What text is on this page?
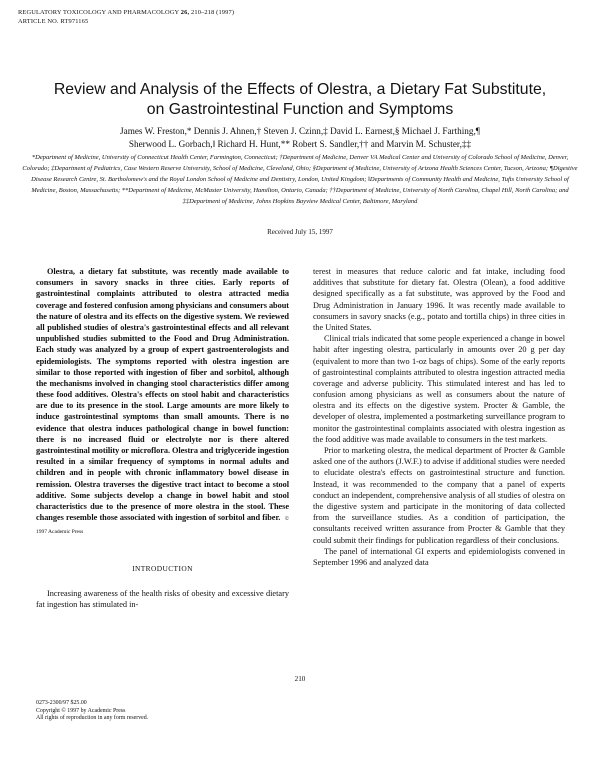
REGULATORY TOXICOLOGY AND PHARMACOLOGY 26, 210–218 (1997)
ARTICLE NO. RT971165
Review and Analysis of the Effects of Olestra, a Dietary Fat Substitute,
on Gastrointestinal Function and Symptoms
James W. Freston,* Dennis J. Ahnen,† Steven J. Czinn,‡ David L. Earnest,§ Michael J. Farthing,¶
Sherwood L. Gorbach,‖ Richard H. Hunt,** Robert S. Sandler,†† and Marvin M. Schuster,‡‡
*Department of Medicine, University of Connecticut Health Center, Farmington, Connecticut; †Department of Medicine, Denver VA Medical Center and University of Colorado School of Medicine, Denver, Colorado; ‡Department of Pediatrics, Case Western Reserve University, School of Medicine, Cleveland, Ohio; §Department of Medicine, University of Arizona Health Sciences Center, Tucson, Arizona; ¶Digestive Disease Research Centre, St. Bartholomew's and the Royal London School of Medicine and Dentistry, London, United Kingdom; ‖Departments of Community Health and Medicine, Tufts University School of Medicine, Boston, Massachusetts; **Department of Medicine, McMaster University, Hamilton, Ontario, Canada; ††Department of Medicine, University of North Carolina, Chapel Hill, North Carolina; and ‡‡Department of Medicine, Johns Hopkins Bayview Medical Center, Baltimore, Maryland
Received July 15, 1997

Olestra, a dietary fat substitute, was recently made available to consumers in savory snacks in three cities. Early reports of gastrointestinal complaints attributed to olestra attracted media coverage and fostered confusion among physicians and consumers about the nature of olestra and its effects on the digestive system. We reviewed all published studies of olestra's gastrointestinal effects and all relevant unpublished studies submitted to the Food and Drug Administration. Each study was analyzed by a group of expert gastroenterologists and epidemiologists. The symptoms reported with olestra ingestion are similar to those reported with ingestion of fiber and sorbitol, although the mechanisms involved in changing stool characteristics differ among these food additives. Olestra's effects on stool habit and characteristics are due to its presence in the stool. Large amounts are more likely to induce gastrointestinal symptoms than small amounts. There is no evidence that olestra induces pathological change in bowel function: there is no increased fluid or electrolyte nor is there altered gastrointestinal motility or microflora. Olestra and triglyceride ingestion resulted in a similar frequency of symptoms in normal adults and children and in people with chronic inflammatory bowel disease in remission. Olestra traverses the digestive tract intact to become a stool additive. Some subjects develop a change in bowel habit and stool characteristics due to the presence of more olestra in the stool. These changes resemble those associated with ingestion of sorbitol and fiber. © 1997 Academic Press

INTRODUCTION

Increasing awareness of the health risks of obesity and excessive dietary fat ingestion has stimulated in-

terest in measures that reduce caloric and fat intake, including food additives that substitute for dietary fat. Olestra (Olean), a food additive designed specifically as a fat substitute, was approved by the Food and Drug Administration in January 1996. It was recently made available to consumers in savory snacks (e.g., potato and tortilla chips) in three cities in the United States.

Clinical trials indicated that some people experienced a change in bowel habit after ingesting olestra, particularly in amounts over 20 g per day (equivalent to more than two 1-oz bags of chips). Some of the early reports of gastrointestinal complaints attributed to olestra ingestion attracted media coverage and adverse publicity. This stimulated interest and has led to confusion among physicians as well as consumers about the nature of olestra and its effects on the digestive system. Procter & Gamble, the developer of olestra, implemented a postmarketing surveillance program to monitor the gastrointestinal complaints associated with olestra ingestion as the food additive was made available to consumers in the test markets.

Prior to marketing olestra, the medical department of Procter & Gamble asked one of the authors (J.W.F.) to advise if additional studies were needed to elucidate olestra's effects on gastrointestinal structure and function. Instead, it was recommended to the company that a panel of experts conduct an independent, comprehensive analysis of all studies of olestra on the digestive system and participate in the monitoring of data collected from the surveillance studies. As a condition of participation, the consultants received written assurance from Procter & Gamble that they could submit their findings for publication regardless of their conclusions.

The panel of international GI experts and epidemiologists convened in September 1996 and analyzed data

210
0273-2300/97 $25.00
Copyright © 1997 by Academic Press
All rights of reproduction in any form reserved.
